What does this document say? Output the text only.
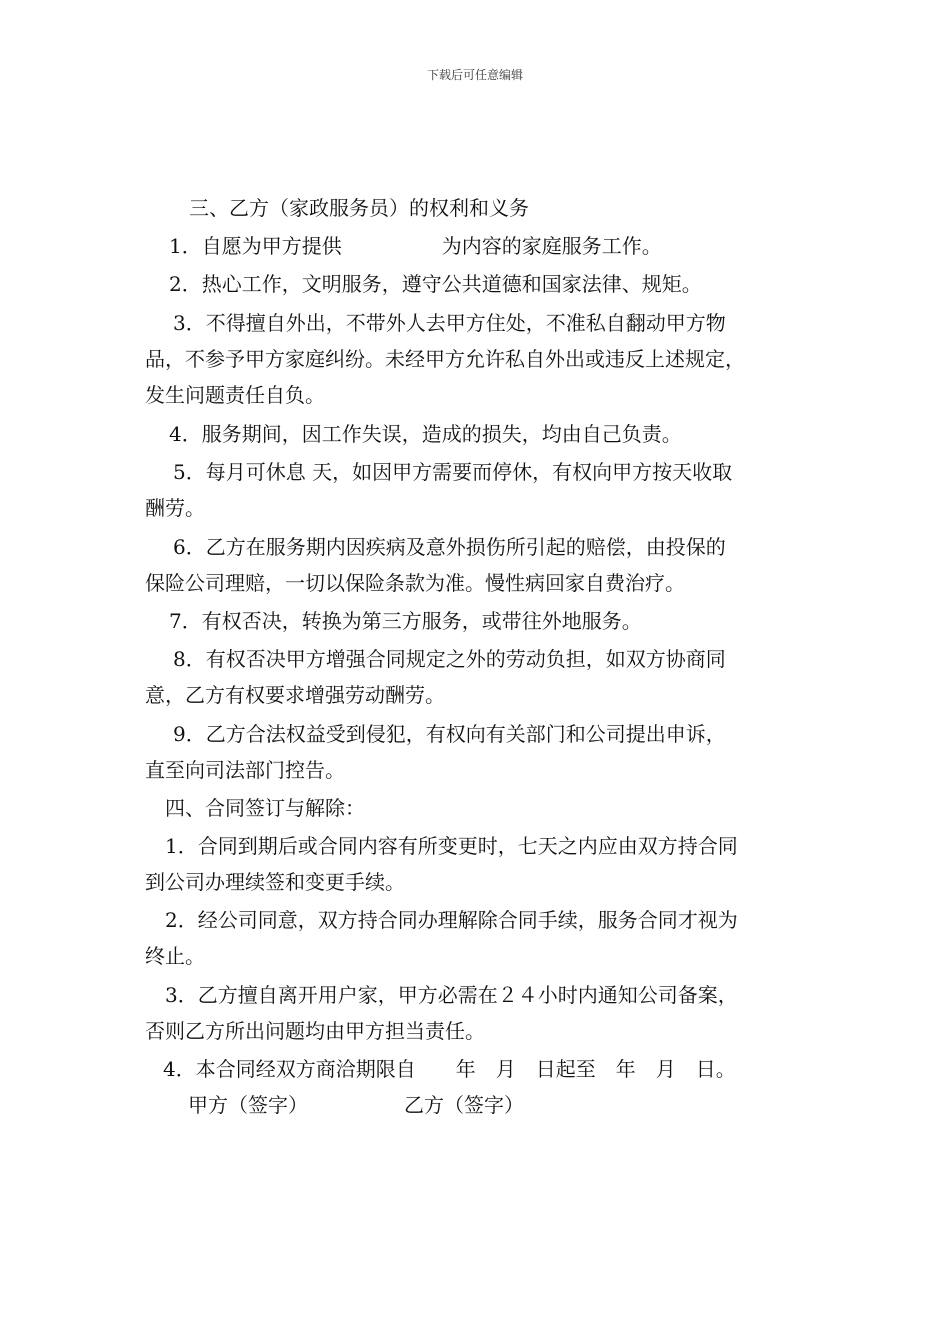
下载后可任意编辑
三、乙方（家政服务员）的权利和义务
1．自愿为甲方提供　　　　　为内容的家庭服务工作。
2．热心工作，文明服务，遵守公共道德和国家法律、规矩。
3．不得擅自外出，不带外人去甲方住处，不准私自翻动甲方物
品，不参予甲方家庭纠纷。未经甲方允许私自外出或违反上述规定，
发生问题责任自负。
4．服务期间，因工作失误，造成的损失，均由自己负责。
5．每月可休息 天，如因甲方需要而停休，有权向甲方按天收取
酬劳。
6．乙方在服务期内因疾病及意外损伤所引起的赔偿，由投保的
保险公司理赔，一切以保险条款为准。慢性病回家自费治疗。
7．有权否决，转换为第三方服务，或带往外地服务。
8．有权否决甲方增强合同规定之外的劳动负担，如双方协商同
意，乙方有权要求增强劳动酬劳。
9．乙方合法权益受到侵犯，有权向有关部门和公司提出申诉，
直至向司法部门控告。
四、合同签订与解除：
1．合同到期后或合同内容有所变更时，七天之内应由双方持合同
到公司办理续签和变更手续。
2．经公司同意，双方持合同办理解除合同手续，服务合同才视为
终止。
3．乙方擅自离开用户家，甲方必需在２４小时内通知公司备案，
否则乙方所出问题均由甲方担当责任。
4．本合同经双方商洽期限自　　年　月　日起至　年　月　日。
甲方（签字）	乙方（签字）
